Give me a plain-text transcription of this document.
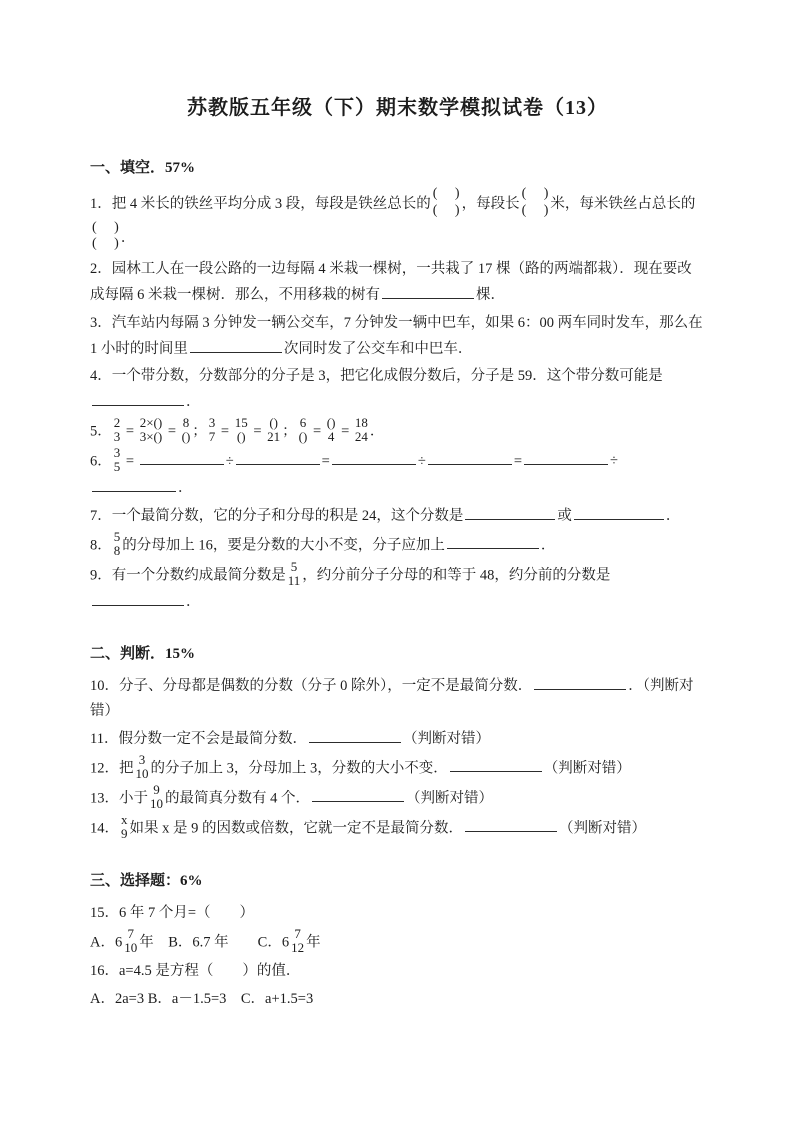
苏教版五年级（下）期末数学模拟试卷（13）
一、填空．57%
1．把 4 米长的铁丝平均分成 3 段，每段是铁丝总长的
(     )
(     ) ，每段长
(     )
(     ) 米，每米铁丝占总长的
(     )
(     ) ．
2．园林工人在一段公路的一边每隔 4 米栽一棵树，一共栽了 17 棵（路的两端都栽）．现在要改成每隔 6 米栽一棵树．那么，不用移栽的树有	棵．
3．汽车站内每隔 3 分钟发一辆公交车，7 分钟发一辆中巴车，如果 6：00 两车同时发车，那么在 1 小时的时间里	次同时发了公交车和中巴车．
4．一个带分数，分数部分的分子是 3，把它化成假分数后，分子是 59．这个带分数可能是．
5．
2
3 =
2×()
3×() =
8
() ；
3
7 =
15
() =
()
21 ；
6
() =
()
4 =
18
24 ．
6．
3
5 =	÷	=	÷	=	÷．
7．一个最简分数，它的分子和分母的积是 24，这个分数是	或	．
8．
5
8 的分母加上 16，要是分数的大小不变，分子应加上	．
9．有一个分数约成最简分数是
5
11 ，约分前分子分母的和等于 48，约分前的分数是．
二、判断．15%
10．分子、分母都是偶数的分数（分子 0 除外），一定不是最简分数．	．（判断对错）
11．假分数一定不会是最简分数．	（判断对错）
12．把
3
10 的分子加上 3，分母加上 3，分数的大小不变．	（判断对错）
13．小于
9
10 的最简真分数有 4 个．	（判断对错）
14．
x
9 如果 x 是 9 的因数或倍数，它就一定不是最简分数．	（判断对错）
三、选择题：6%
15．6 年 7 个月=（　　）
A．6
7
10 年　B．6.7 年　　C．6
7
12 年
16．a=4.5 是方程（　　）的值．
A．2a=3 B．a－1.5=3　C．a+1.5=3
